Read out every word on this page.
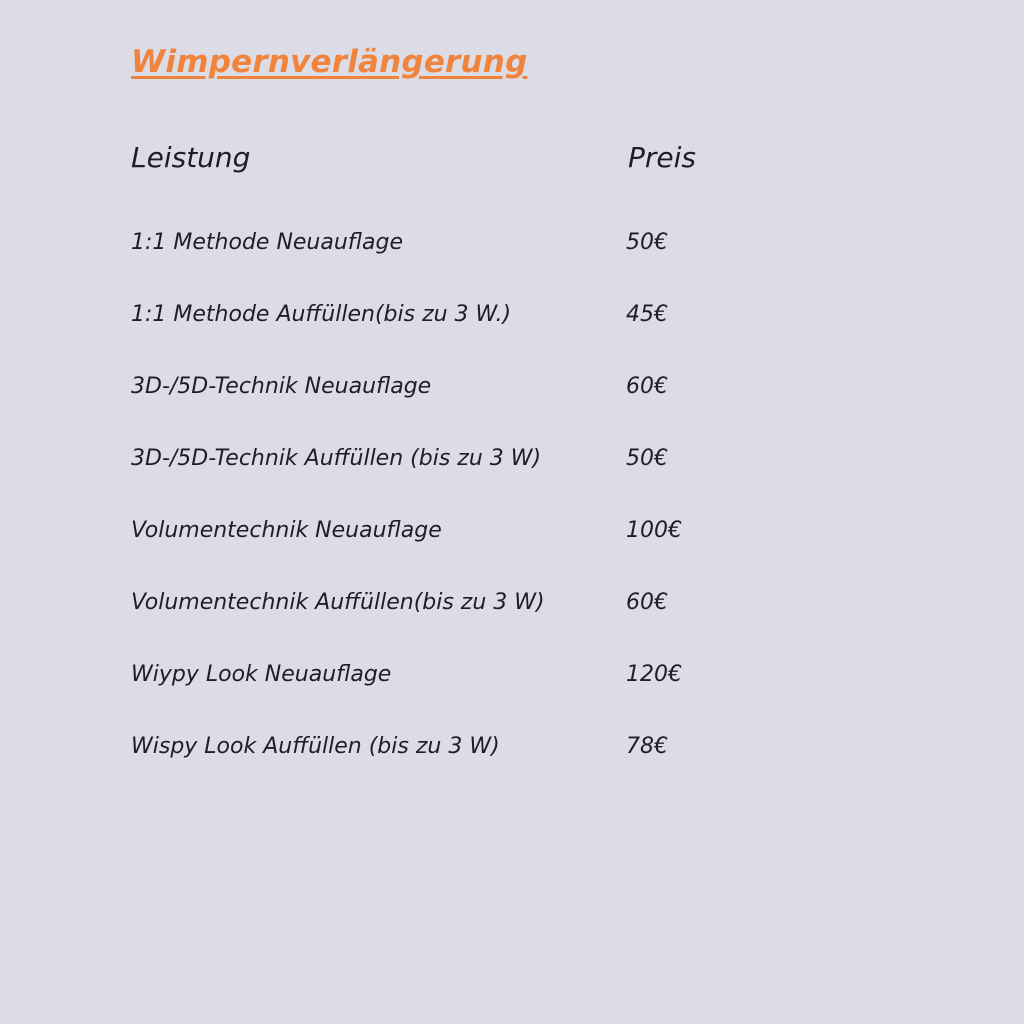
Wimpernverlängerung
Leistung	Preis
1:1 Methode Neuauflage	50€
1:1 Methode Auffüllen(bis zu 3 W.)	45€
3D-/5D-Technik Neuauflage	60€
3D-/5D-Technik Auffüllen (bis zu 3 W)	50€
Volumentechnik Neuauflage	100€
Volumentechnik Auffüllen(bis zu 3 W)	60€
Wiypy Look Neuauflage	120€
Wispy Look Auffüllen (bis zu 3 W)	78€
